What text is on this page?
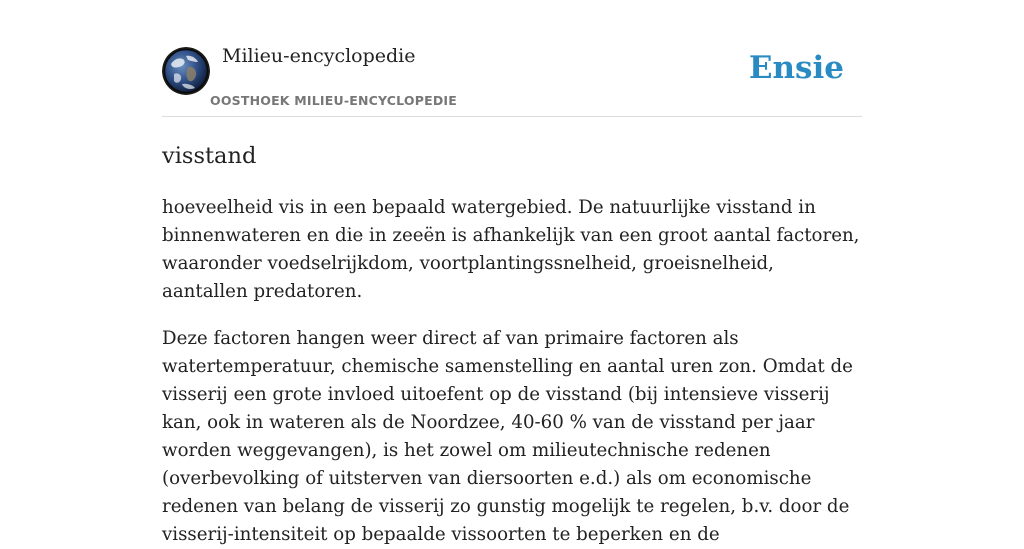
Milieu-encyclopedie
OOSTHOEK MILIEU-ENCYCLOPEDIE
Ensie
visstand

hoeveelheid vis in een bepaald watergebied. De natuurlijke visstand in binnenwateren en die in zeeën is afhankelijk van een groot aantal factoren, waaronder voedselrijkdom, voortplantingssnelheid, groeisnelheid, aantallen predatoren.

Deze factoren hangen weer direct af van primaire factoren als watertemperatuur, chemische samenstelling en aantal uren zon. Omdat de visserij een grote invloed uitoefent op de visstand (bij intensieve visserij kan, ook in wateren als de Noordzee, 40-60 % van de visstand per jaar worden weggevangen), is het zowel om milieutechnische redenen (overbevolking of uitsterven van diersoorten e.d.) als om economische redenen van belang de visserij zo gunstig mogelijk te regelen, b.v. door de visserij-intensiteit op bepaalde vissoorten te beperken en de
